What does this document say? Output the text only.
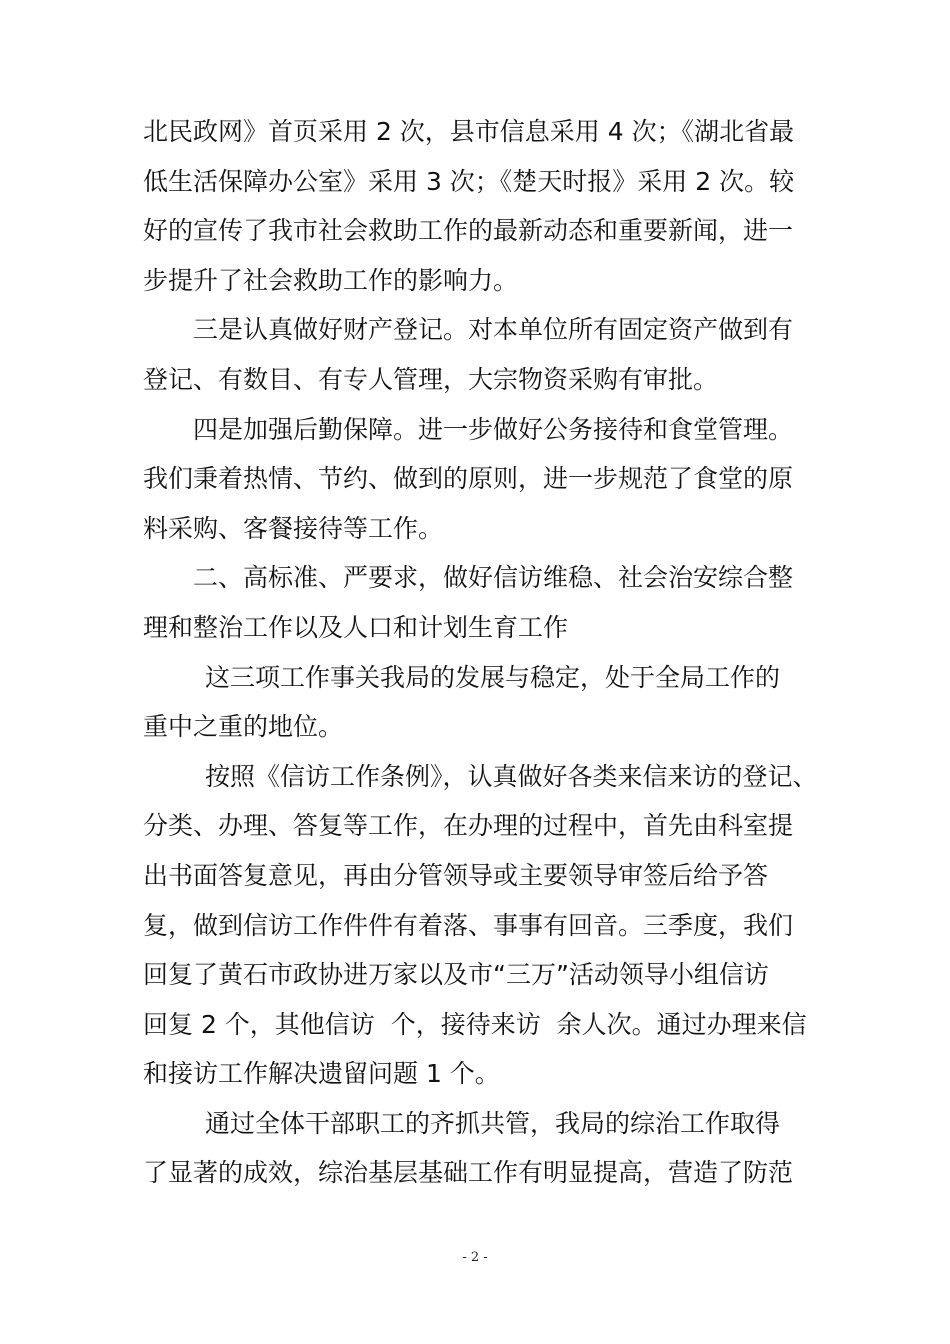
北民政网》首页采用 2 次，县市信息采用 4 次；《湖北省最
低生活保障办公室》采用 3 次；《楚天时报》采用 2 次。较
好的宣传了我市社会救助工作的最新动态和重要新闻，进一
步提升了社会救助工作的影响力。
三是认真做好财产登记。对本单位所有固定资产做到有
登记、有数目、有专人管理，大宗物资采购有审批。
四是加强后勤保障。进一步做好公务接待和食堂管理。
我们秉着热情、节约、做到的原则，进一步规范了食堂的原
料采购、客餐接待等工作。
二、高标准、严要求，做好信访维稳、社会治安综合整
理和整治工作以及人口和计划生育工作
这三项工作事关我局的发展与稳定，处于全局工作的
重中之重的地位。
按照《信访工作条例》，认真做好各类来信来访的登记、
分类、办理、答复等工作，在办理的过程中，首先由科室提
出书面答复意见，再由分管领导或主要领导审签后给予答
复，做到信访工作件件有着落、事事有回音。三季度，我们
回复了黄石市政协进万家以及市“三万”活动领导小组信访
回复 2 个，其他信访  个，接待来访  余人次。通过办理来信
和接访工作解决遗留问题 1 个。
通过全体干部职工的齐抓共管，我局的综治工作取得
了显著的成效，综治基层基础工作有明显提高，营造了防范
- 2 -
